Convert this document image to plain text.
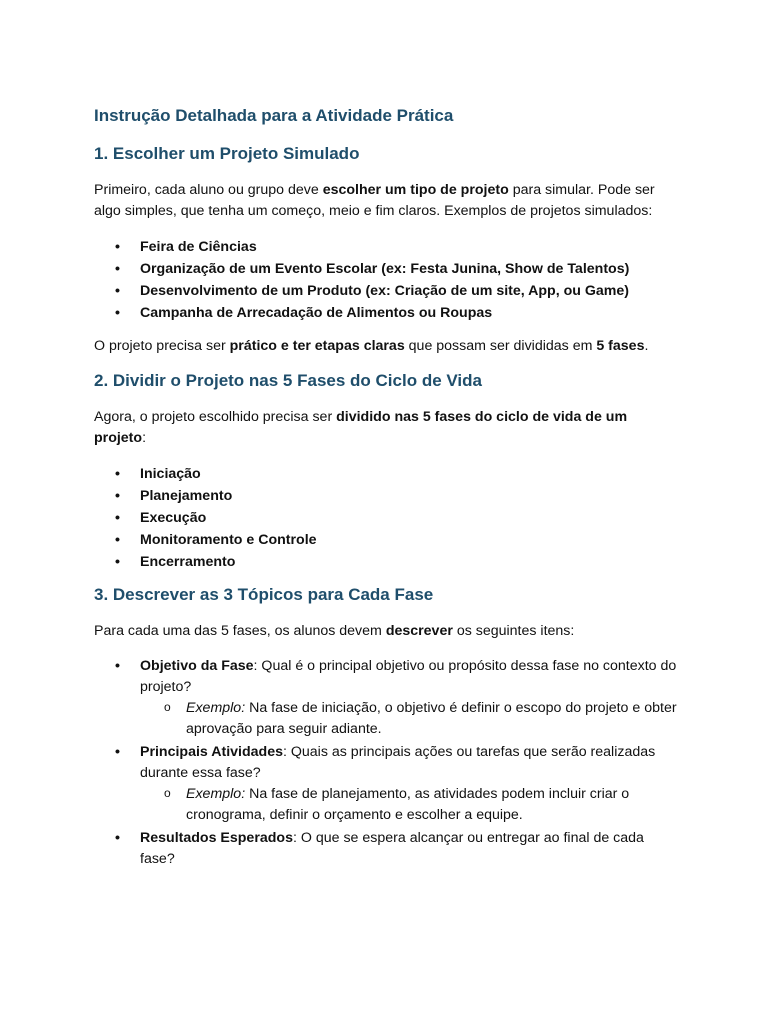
Instrução Detalhada para a Atividade Prática
1. Escolher um Projeto Simulado

Primeiro, cada aluno ou grupo deve escolher um tipo de projeto para simular. Pode ser algo simples, que tenha um começo, meio e fim claros. Exemplos de projetos simulados:

• Feira de Ciências
• Organização de um Evento Escolar (ex: Festa Junina, Show de Talentos)
• Desenvolvimento de um Produto (ex: Criação de um site, App, ou Game)
• Campanha de Arrecadação de Alimentos ou Roupas

O projeto precisa ser prático e ter etapas claras que possam ser divididas em 5 fases.

2. Dividir o Projeto nas 5 Fases do Ciclo de Vida

Agora, o projeto escolhido precisa ser dividido nas 5 fases do ciclo de vida de um projeto:

• Iniciação
• Planejamento
• Execução
• Monitoramento e Controle
• Encerramento
3. Descrever as 3 Tópicos para Cada Fase

Para cada uma das 5 fases, os alunos devem descrever os seguintes itens:

• Objetivo da Fase: Qual é o principal objetivo ou propósito dessa fase no contexto do projeto?
o Exemplo: Na fase de iniciação, o objetivo é definir o escopo do projeto e obter aprovação para seguir adiante.
• Principais Atividades: Quais as principais ações ou tarefas que serão realizadas durante essa fase?
o Exemplo: Na fase de planejamento, as atividades podem incluir criar o cronograma, definir o orçamento e escolher a equipe.
• Resultados Esperados: O que se espera alcançar ou entregar ao final de cada fase?
